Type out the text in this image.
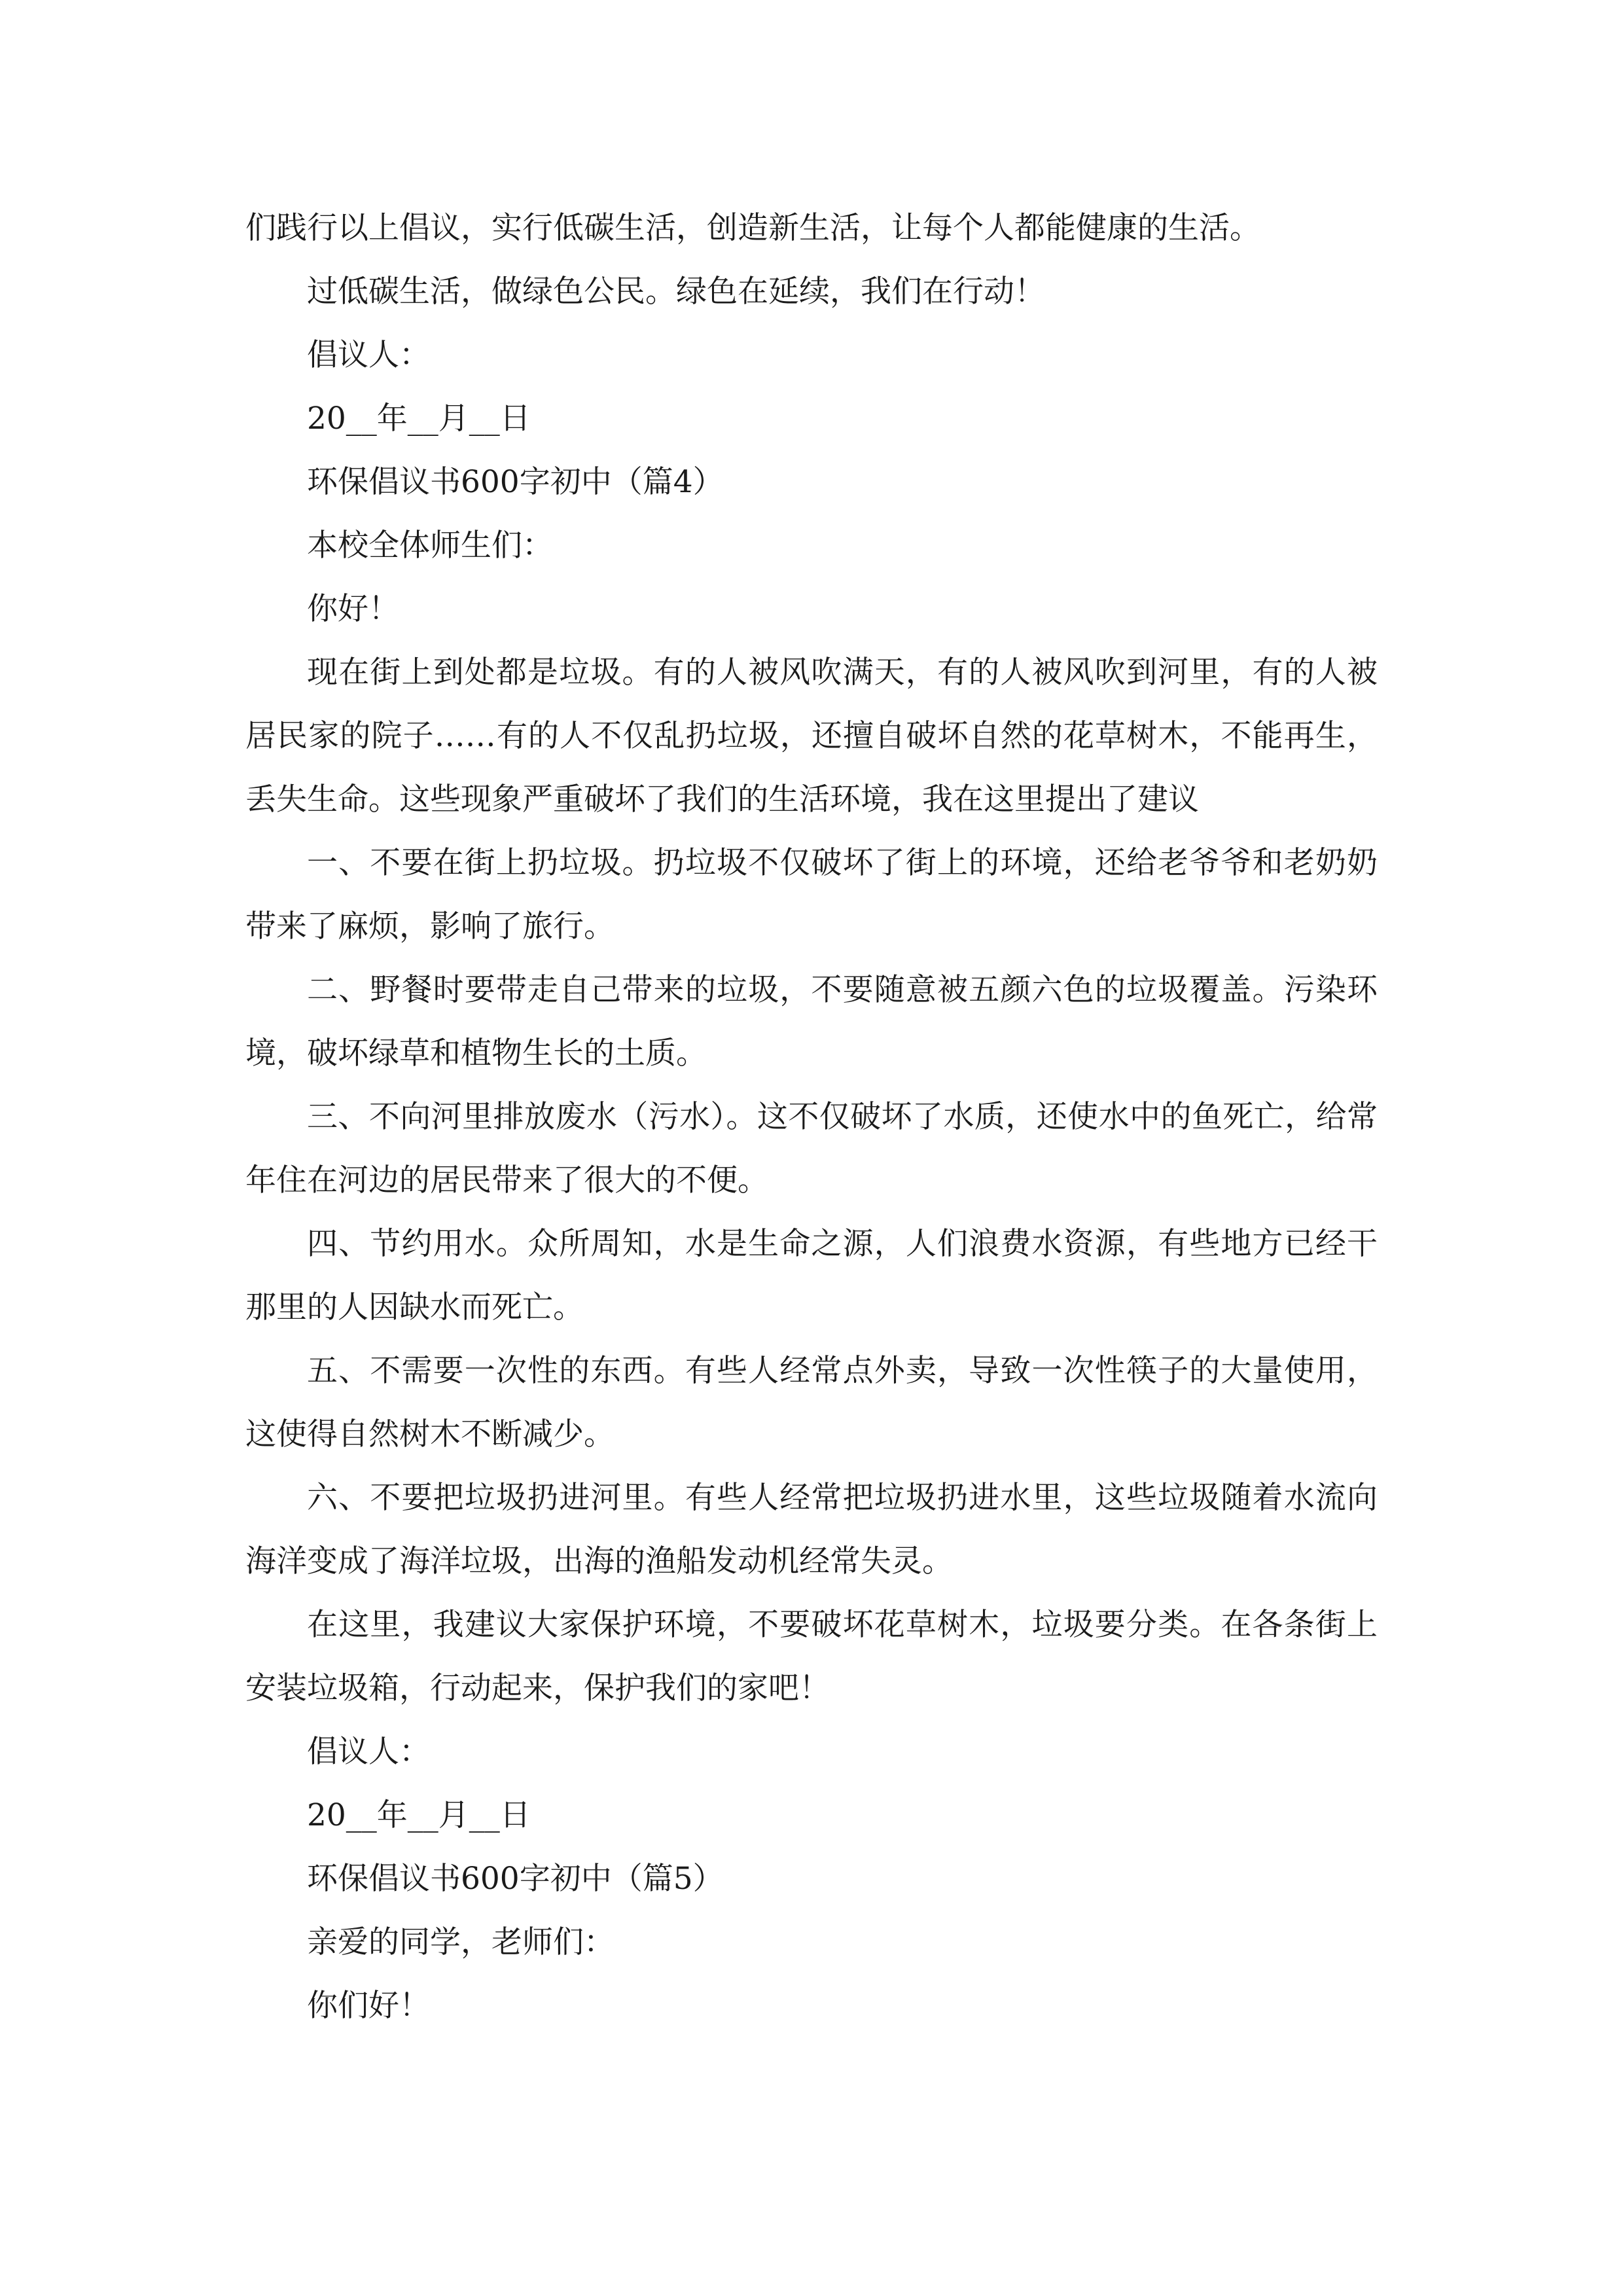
们践行以上倡议，实行低碳生活，创造新生活，让每个人都能健康的生活。

过低碳生活，做绿色公民。绿色在延续，我们在行动！

倡议人：

20__年__月__日

环保倡议书600字初中（篇4）

本校全体师生们：

你好！

现在街上到处都是垃圾。有的人被风吹满天，有的人被风吹到河里，有的人被居民家的院子……有的人不仅乱扔垃圾，还擅自破坏自然的花草树木，不能再生，丢失生命。这些现象严重破坏了我们的生活环境，我在这里提出了建议

一、不要在街上扔垃圾。扔垃圾不仅破坏了街上的环境，还给老爷爷和老奶奶带来了麻烦，影响了旅行。

二、野餐时要带走自己带来的垃圾，不要随意被五颜六色的垃圾覆盖。污染环境，破坏绿草和植物生长的土质。

三、不向河里排放废水（污水）。这不仅破坏了水质，还使水中的鱼死亡，给常年住在河边的居民带来了很大的不便。

四、节约用水。众所周知，水是生命之源，人们浪费水资源，有些地方已经干那里的人因缺水而死亡。

五、不需要一次性的东西。有些人经常点外卖，导致一次性筷子的大量使用，这使得自然树木不断减少。

六、不要把垃圾扔进河里。有些人经常把垃圾扔进水里，这些垃圾随着水流向海洋变成了海洋垃圾，出海的渔船发动机经常失灵。

在这里，我建议大家保护环境，不要破坏花草树木，垃圾要分类。在各条街上安装垃圾箱，行动起来，保护我们的家吧！

倡议人：

20__年__月__日

环保倡议书600字初中（篇5）

亲爱的同学，老师们：

你们好！
